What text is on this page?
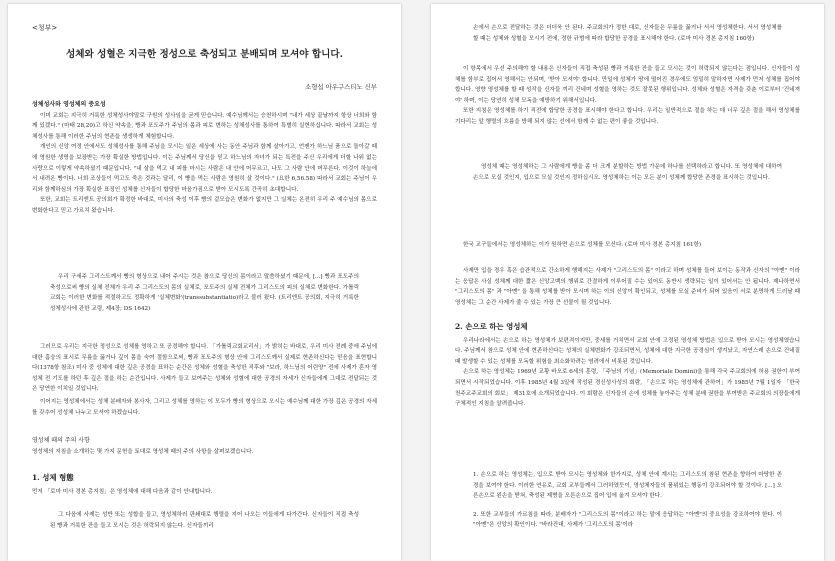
<청부>
성체와 성혈은 지극한 정성으로 축성되고 분배되며 모셔야 합니다.
소형섭 아우구스티노 신부

성체성사와 영성체의 중요성

이미 교회는 지극히 거룩한 성체성사야말로 구원의 성사임을 굳게 믿습니다. 예수님께서는 승천하시며 "내가 세상 끝날까지 항상 너희와 함께 있겠다." (마태 28,20)고 하신 약속을, 빵과 포도주가 주님의 몸과 피로 변하는 성체성사를 통하여 특별히 실현하십니다. 따라서 교회는 성체성사를 통해 이러한 주님의 현존을 생생하게 체험합니다.

개인의 신앙 여정 안에서도 성체성사를 통해 주님을 모시는 일은 세상에 사는 동안 주님과 함께 살아가고, 언젠가 하느님 품으로 돌아갈 때에 영원한 생명을 보장받는 가장 확실한 방법입니다. 이는 주님께서 당신을 믿고 하느님의 자녀가 되는 특전을 주신 우리에게 더할 나위 없는 사랑으로 이렇게 약속하셨기 때문입니다. "내 살을 먹고 내 피를 마시는 사람은 내 안에 머무르고, 나도 그 사람 안에 머무른다. 이것이 하늘에서 내려온 빵이다. 너희 조상들이 먹고도 죽은 것과는 달리, 이 빵을 먹는 사람은 영원히 살 것이다." (요한 6,56.58) 따라서 교회는 주님이 우리와 함께하심의 가장 확실한 표징인 성체를 신자들이 합당한 마음가짐으로 받아 모시도록 간곡히 초대합니다.

또한, 교회는 트리엔트 공의회가 확정한 바대로, 미사의 축성 이후 빵의 겉모습은 변화가 없지만 그 실체는 온전히 우리 주 예수님의 몸으로 변화한다고 믿고 가르치 왔습니다.

우리 구세주 그리스도께서 빵의 형상으로 내어 주시는 것은 참으로 당신의 몸이라고 말씀하셨기 때문에, [...] 빵과 포도주의 축성으로써 빵의 실체 전체가 우리 주 그리스도의 몸의 실체로, 포도주의 실체 전체가 그리스도의 피의 실체로 변화한다. 가톨릭 교회는 이러한 변화를 적절하고도 정확하게 '실체변화'(transsubstantiatio)라고 불러 왔다. (트리엔트 공의회, 지극히 거룩한 성체성사에 관한 교령, 제4장; DS 1642)

그러므로 우리는 지극한 정성으로 성체를 영하고 또 공경해야 합니다. 「가톨릭교회교리서」가 밝히는 바대로, 우리 미사 전례 중에 주님에 대한 흠숭의 표시로 무릎을 꿇거나 깊이 몸을 숙여 절함으로써, 빵과 포도주의 형상 안에 그리스도께서 실제로 현존하신다는 믿음을 표현합니다(1378항 참조) 미사 중 성체에 대한 깊은 공경을 표하는 순간은 성체와 성혈을 축성한 직후와 "보라, 하느님의 어린양" 전에 사제가 혼자 영성체 전 기도를 하던 후 깊은 절을 하는 순간입니다. 사제가 들고 보여주는 성체와 성혈에 대한 공경의 자세가 신자들에게 그대로 전달되는 것은 당연한 이치일 것입니다.

이어지는 영성체에서는 성체 분배자와 봉사자, 그리고 성체를 영하는 이 모두가 빵의 형상으로 오시는 예수님께 대한 가장 깊은 공경의 자세를 갖추어 성성체 나누고 모셔야 하겠습니다.

영성체 때의 주의 사항

영성체의 지침을 소개하는 몇 가지 문헌을 토대로 영성체 때의 주의 사항을 살펴보겠습니다.

1. 성체 형態

먼저 「로마 미사 경본 총지침」은 영성체에 대해 다음과 같이 안내합니다.

그 다음에 사제는 성반 또는 성합을 들고, 영성체하러 판쇄대로 행렬을 지어 나오는 이들에게 다가간다. 신자들이 직접 축성된 빵과 거룩한 잔을 들고 모시는 것은 허락되지 않는다. 신자들끼리

손에서 손으로 전달하는 것은 더더욱 안 된다. 주교회의가 정한 대로, 신자들은 무릎을 꿇거나 서서 영성체한다. 서서 영성체를 할 때는 성체와 성혈을 모시기 전에, 정한 규범에 따라 합당한 공경을 표시해야 한다. (로마 미사 경본 총지침 160항)

이 항목에서 우선 주의해야 할 내용은 신자들이 직접 축성된 빵과 거룩한 잔을 들고 모시는 것이 허락되지 않는다는 점입니다. 신자들이 성체를 함부로 집어서 영해서는 안되며, '받아 모셔야' 합니다. 만일에 성체가 땅에 떨어진 경우에도 엄밀히 말하자면 사제가 먼저 성체를 집어야 합니다. 영향 영성체를 할 때 성작을 신자들 끼리 건네며 성혈을 영하는 것도 잘못된 행위입니다. 성체와 성혈은 자격을 갖춘 이로부터 '건네져야' 하며, 이는 당연히 성체 모독을 예방하기 위해서입니다.

또한 지침은 영성체를 하기 직전에 합당한 공경을 표시해야 한다고 합니다. 우리는 일반적으로 절을 하는 데 너무 깊은 절을 해서 영성체를 기다리는 앞 행렬의 흐름을 방해 되지 않는 선에서 함께 수 없는 편이 좋을 것입니다.

영성체 때는 영성체하는 그 사람에게 빵을 좀 더 크게 분할하는 방법 가운데 하나를 선택하라고 합니다. 또 영성체에 대하여 손으로 모실 것인지, 입으로 모실 것인지 정하십시오. 영성체하는 이는 모든 분이 성체께 합당한 존경을 표시하는 것입니다.

한국 교구들에서는 영성체하는 이가 원하면 손으로 성체를 모신다. (로마 미사 경본 총지침 161항)

사제만 입을 경우 혹은 습관적으로 간소하게 행해지는 사제가 "그리스도의 몸" 이라고 하며 성체를 들어 보이는 동작과 신자의 "아멘" 이라는 응답은 사실 성체께 대한 짧은 신앙고백의 행위로 간결하게 이루어질 수는 있어도 동반시 생략되는 일이 있어서는 안 됩니다. 제나하면서 "그리스도의 몸" 과 "아멘" 을 통해 성체를 받아 모시며 하는 이의 신앙이 확인되고, 성체를 모실 준비가 되어 있음이 서로 분명하게 드러날 때 영성체는 그 순간 사제가 줄 수 있는 가장 큰 선물이 될 것입니다.

2. 손으로 하는 영성체

우리나라에서는 손으로 하는 영성체가 보편적이지만, 중세를 거치면서 교회 안에 고정된 영성체 방법은 입으로 받아 모시는 영성체였습니다. 주님께서 참으로 성체 안에 현존하신다는 성체의 실체변화가 강조되면서, 성체에 대한 지극한 공경심이 생겨났고, 자연스레 손으로 건네질 때 발생할 수 있는 성체를 모독할 위험을 최소화하려는 염려에서 비롯된 것입니다.

손으로 하는 영성체는 1969년 교황 바오로 6세의 훈령, 「주님의 기념」(Memoriale Domini)을 통해 각국 주교회의에 허용 권한이 부여되면서 시작되었습니다. 이후 1985년 4월 3일에 작성된 경신성사성의 회람, 「손으로 하는 영성체에 관하여」가 1985년 7월 1일자 「한국천주교주교회의 회보」 제31호에 소개되었습니다. 이 회람은 신자들의 손에 성체를 놓아주는 성체 분배 권한을 부여받은 주교회의 의장들에게 구체적인 지침을 알려줍니다.

1. 손으로 하는 영성체는, 입으로 받아 모시는 영성체와 한가지로, 성체 안에 계시는 그리스도의 참된 현존을 향하여 마땅한 존경을 보여야 한다. 이러한 연유로, 교회 교부들께서 그러하였듯이, 영성체자들의 품위있는 행동이 강조되어야 할 것이다. [...] 오른손으로 왼손을 받쳐, 축성된 제병을 오른손으로 집어 입에 옮겨 모셔야 한다.

2. 또한 교부들의 가르침을 따라, 분배자가 "그리스도의 몸"이라고 하는 말에 응답하는 "아멘"의 중요성을 강조하여야 한다. 이 "아멘"은 신앙의 확인이다. "바라건대, 사제가 '그리스도의 몸'이라
